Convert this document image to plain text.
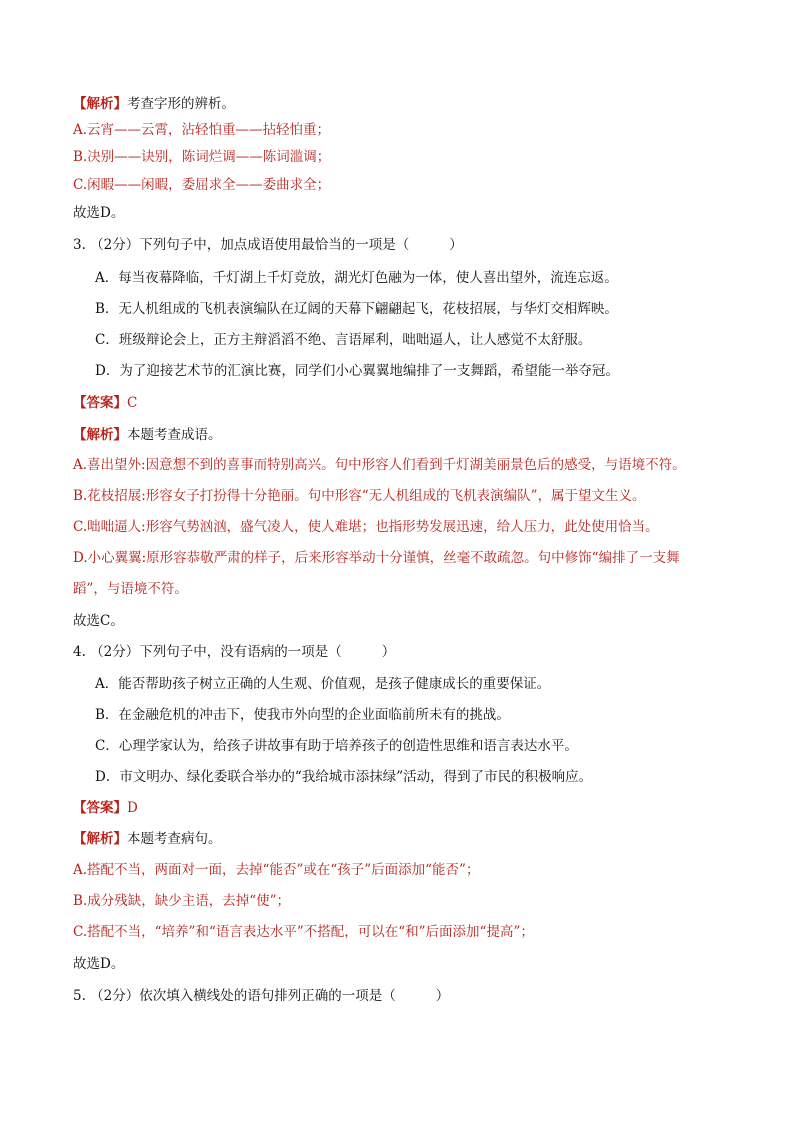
【解析】考查字形的辨析。
A.云宵——云霄，沾轻怕重——拈轻怕重；
B.决别——诀别，陈词烂调——陈词滥调；
C.闲暇——闲暇，委屈求全——委曲求全；
故选D。
3. （2分）下列句子中，加点成语使用最恰当的一项是（	）
A．每当夜幕降临，千灯湖上千灯竞放，湖光灯色融为一体，使人喜出望外，流连忘返。
B．无人机组成的飞机表演编队在辽阔的天幕下翩翩起飞，花枝招展，与华灯交相辉映。
C．班级辩论会上，正方主辩滔滔不绝、言语犀利，咄咄逼人，让人感觉不太舒服。
D．为了迎接艺术节的汇演比赛，同学们小心翼翼地编排了一支舞蹈，希望能一举夺冠。
【答案】C
【解析】本题考查成语。
A.喜出望外:因意想不到的喜事而特别高兴。句中形容人们看到千灯湖美丽景色后的感受，与语境不符。
B.花枝招展:形容女子打扮得十分艳丽。句中形容“无人机组成的飞机表演编队”，属于望文生义。
C.咄咄逼人:形容气势汹汹，盛气凌人，使人难堪；也指形势发展迅速，给人压力，此处使用恰当。
D.小心翼翼:原形容恭敬严肃的样子，后来形容举动十分谨慎，丝毫不敢疏忽。句中修饰“编排了一支舞
蹈”，与语境不符。
故选C。
4. （2分）下列句子中，没有语病的一项是（	）
A．能否帮助孩子树立正确的人生观、价值观，是孩子健康成长的重要保证。
B．在金融危机的冲击下，使我市外向型的企业面临前所未有的挑战。
C．心理学家认为，给孩子讲故事有助于培养孩子的创造性思维和语言表达水平。
D．市文明办、绿化委联合举办的“我给城市添抹绿”活动，得到了市民的积极响应。
【答案】D
【解析】本题考查病句。
A.搭配不当，两面对一面，去掉“能否”或在“孩子”后面添加“能否”；
B.成分残缺，缺少主语，去掉“使”；
C.搭配不当，“培养”和“语言表达水平”不搭配，可以在“和”后面添加“提高”；
故选D。
5. （2分）依次填入横线处的语句排列正确的一项是（	）
